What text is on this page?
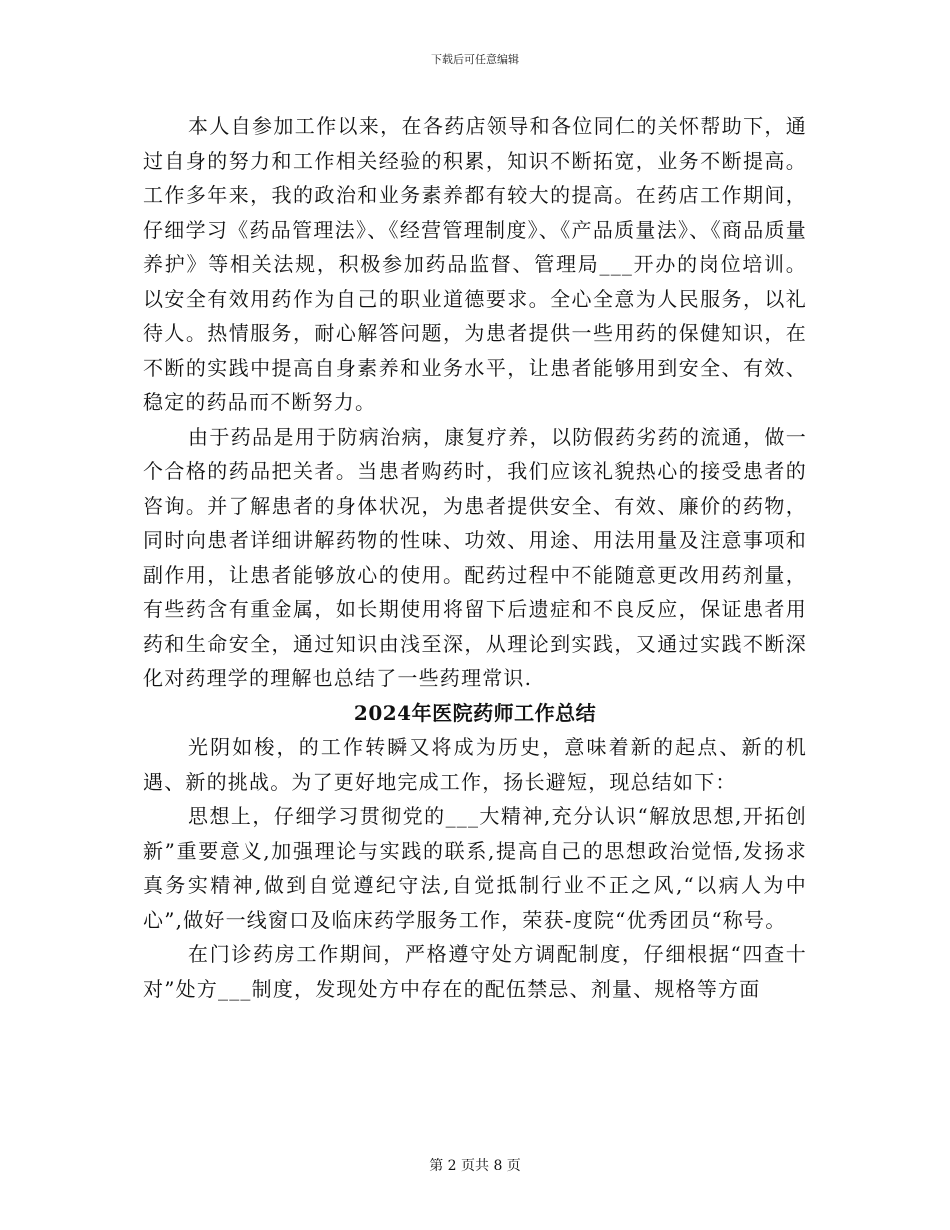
下载后可任意编辑

本人自参加工作以来，在各药店领导和各位同仁的关怀帮助下，通过自身的努力和工作相关经验的积累，知识不断拓宽，业务不断提高。工作多年来，我的政治和业务素养都有较大的提高。在药店工作期间，仔细学习《药品管理法》、《经营管理制度》、《产品质量法》、《商品质量养护》等相关法规，积极参加药品监督、管理局___开办的岗位培训。以安全有效用药作为自己的职业道德要求。全心全意为人民服务，以礼待人。热情服务，耐心解答问题，为患者提供一些用药的保健知识，在不断的实践中提高自身素养和业务水平，让患者能够用到安全、有效、稳定的药品而不断努力。

由于药品是用于防病治病，康复疗养，以防假药劣药的流通，做一个合格的药品把关者。当患者购药时，我们应该礼貌热心的接受患者的咨询。并了解患者的身体状况，为患者提供安全、有效、廉价的药物，同时向患者详细讲解药物的性味、功效、用途、用法用量及注意事项和副作用，让患者能够放心的使用。配药过程中不能随意更改用药剂量，有些药含有重金属，如长期使用将留下后遗症和不良反应，保证患者用药和生命安全，通过知识由浅至深，从理论到实践，又通过实践不断深化对药理学的理解也总结了一些药理常识.

2024年医院药师工作总结

光阴如梭，的工作转瞬又将成为历史，意味着新的起点、新的机遇、新的挑战。为了更好地完成工作，扬长避短，现总结如下：

思想上，仔细学习贯彻党的___大精神,充分认识“解放思想,开拓创新”重要意义,加强理论与实践的联系,提高自己的思想政治觉悟,发扬求真务实精神,做到自觉遵纪守法,自觉抵制行业不正之风,“以病人为中心”,做好一线窗口及临床药学服务工作，荣获-度院“优秀团员“称号。

在门诊药房工作期间，严格遵守处方调配制度，仔细根据“四查十对”处方___制度，发现处方中存在的配伍禁忌、剂量、规格等方面

第 2 页共 8 页
